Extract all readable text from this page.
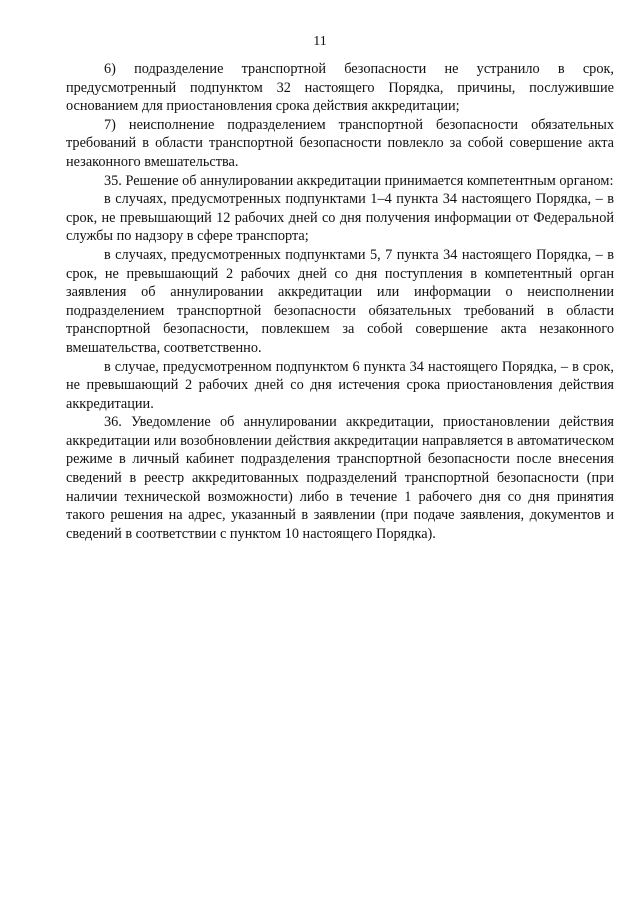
11

6) подразделение транспортной безопасности не устранило в срок, предусмотренный подпунктом 32 настоящего Порядка, причины, послужившие основанием для приостановления срока действия аккредитации;

7) неисполнение подразделением транспортной безопасности обязательных требований в области транспортной безопасности повлекло за собой совершение акта незаконного вмешательства.

35. Решение об аннулировании аккредитации принимается компетентным органом:

в случаях, предусмотренных подпунктами 1–4 пункта 34 настоящего Порядка, – в срок, не превышающий 12 рабочих дней со дня получения информации от Федеральной службы по надзору в сфере транспорта;

в случаях, предусмотренных подпунктами 5, 7 пункта 34 настоящего Порядка, – в срок, не превышающий 2 рабочих дней со дня поступления в компетентный орган заявления об аннулировании аккредитации или информации о неисполнении подразделением транспортной безопасности обязательных требований в области транспортной безопасности, повлекшем за собой совершение акта незаконного вмешательства, соответственно.

в случае, предусмотренном подпунктом 6 пункта 34 настоящего Порядка, – в срок, не превышающий 2 рабочих дней со дня истечения срока приостановления действия аккредитации.

36. Уведомление об аннулировании аккредитации, приостановлении действия аккредитации или возобновлении действия аккредитации направляется в автоматическом режиме в личный кабинет подразделения транспортной безопасности после внесения сведений в реестр аккредитованных подразделений транспортной безопасности (при наличии технической возможности) либо в течение 1 рабочего дня со дня принятия такого решения на адрес, указанный в заявлении (при подаче заявления, документов и сведений в соответствии с пунктом 10 настоящего Порядка).
